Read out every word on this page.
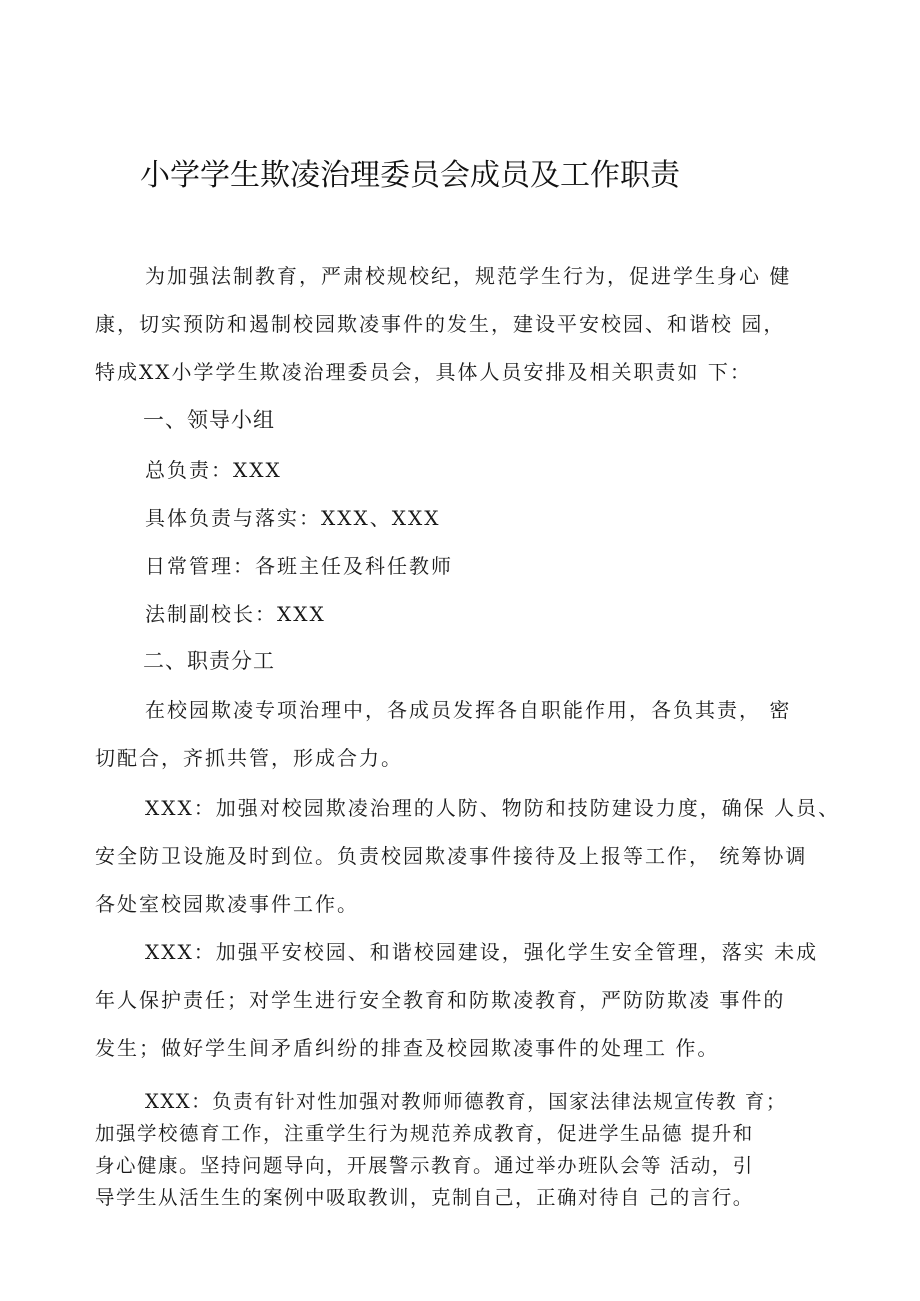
小学学生欺凌治理委员会成员及工作职责
为加强法制教育，严肃校规校纪，规范学生行为，促进学生身心 健
康，切实预防和遏制校园欺凌事件的发生，建设平安校园、和谐校 园，
特成XX小学学生欺凌治理委员会，具体人员安排及相关职责如 下：
一、领导小组
总负责：XXX
具体负责与落实：XXX、XXX
日常管理：各班主任及科任教师
法制副校长：XXX
二、职责分工
在校园欺凌专项治理中，各成员发挥各自职能作用，各负其责， 密
切配合，齐抓共管，形成合力。
XXX：加强对校园欺凌治理的人防、物防和技防建设力度，确保 人员、
安全防卫设施及时到位。负责校园欺凌事件接待及上报等工作， 统筹协调
各处室校园欺凌事件工作。
XXX：加强平安校园、和谐校园建设，强化学生安全管理，落实 未成
年人保护责任；对学生进行安全教育和防欺凌教育，严防防欺凌 事件的
发生；做好学生间矛盾纠纷的排查及校园欺凌事件的处理工 作。
XXX：负责有针对性加强对教师师德教育，国家法律法规宣传教 育；
加强学校德育工作，注重学生行为规范养成教育，促进学生品德 提升和
身心健康。坚持问题导向，开展警示教育。通过举办班队会等 活动，引
导学生从活生生的案例中吸取教训，克制自己，正确对待自 己的言行。
